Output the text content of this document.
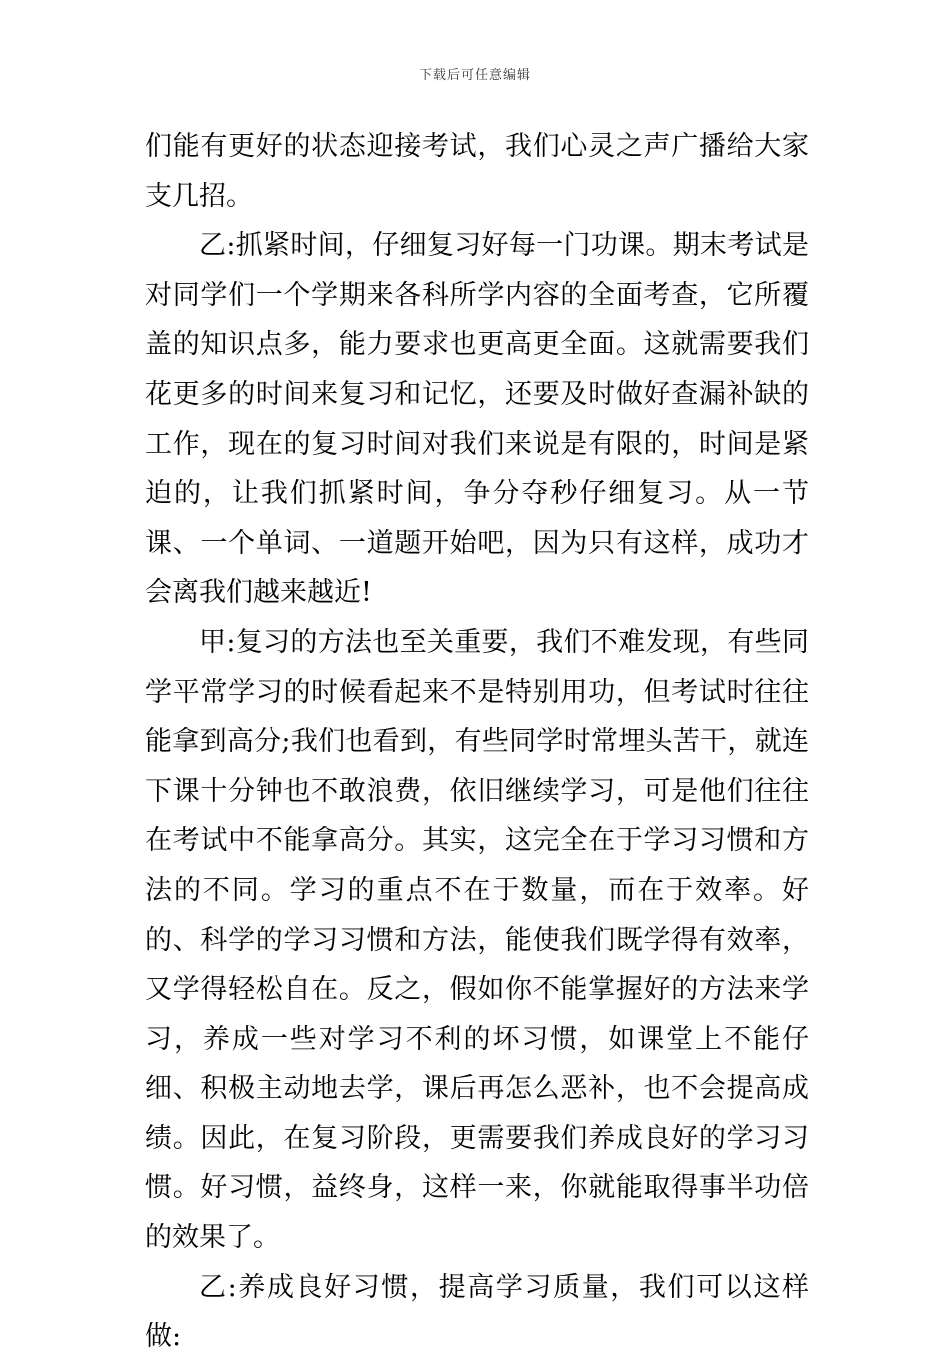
下载后可任意编辑

们能有更好的状态迎接考试，我们心灵之声广播给大家支几招。

乙:抓紧时间，仔细复习好每一门功课。期末考试是对同学们一个学期来各科所学内容的全面考查，它所覆盖的知识点多，能力要求也更高更全面。这就需要我们花更多的时间来复习和记忆，还要及时做好查漏补缺的工作，现在的复习时间对我们来说是有限的，时间是紧迫的，让我们抓紧时间，争分夺秒仔细复习。从一节课、一个单词、一道题开始吧，因为只有这样，成功才会离我们越来越近!

甲:复习的方法也至关重要，我们不难发现，有些同学平常学习的时候看起来不是特别用功，但考试时往往能拿到高分;我们也看到，有些同学时常埋头苦干，就连下课十分钟也不敢浪费，依旧继续学习，可是他们往往在考试中不能拿高分。其实，这完全在于学习习惯和方法的不同。学习的重点不在于数量，而在于效率。好的、科学的学习习惯和方法，能使我们既学得有效率，又学得轻松自在。反之，假如你不能掌握好的方法来学习，养成一些对学习不利的坏习惯，如课堂上不能仔细、积极主动地去学，课后再怎么恶补，也不会提高成绩。因此，在复习阶段，更需要我们养成良好的学习习惯。好习惯，益终身，这样一来，你就能取得事半功倍的效果了。

乙:养成良好习惯，提高学习质量，我们可以这样做:
